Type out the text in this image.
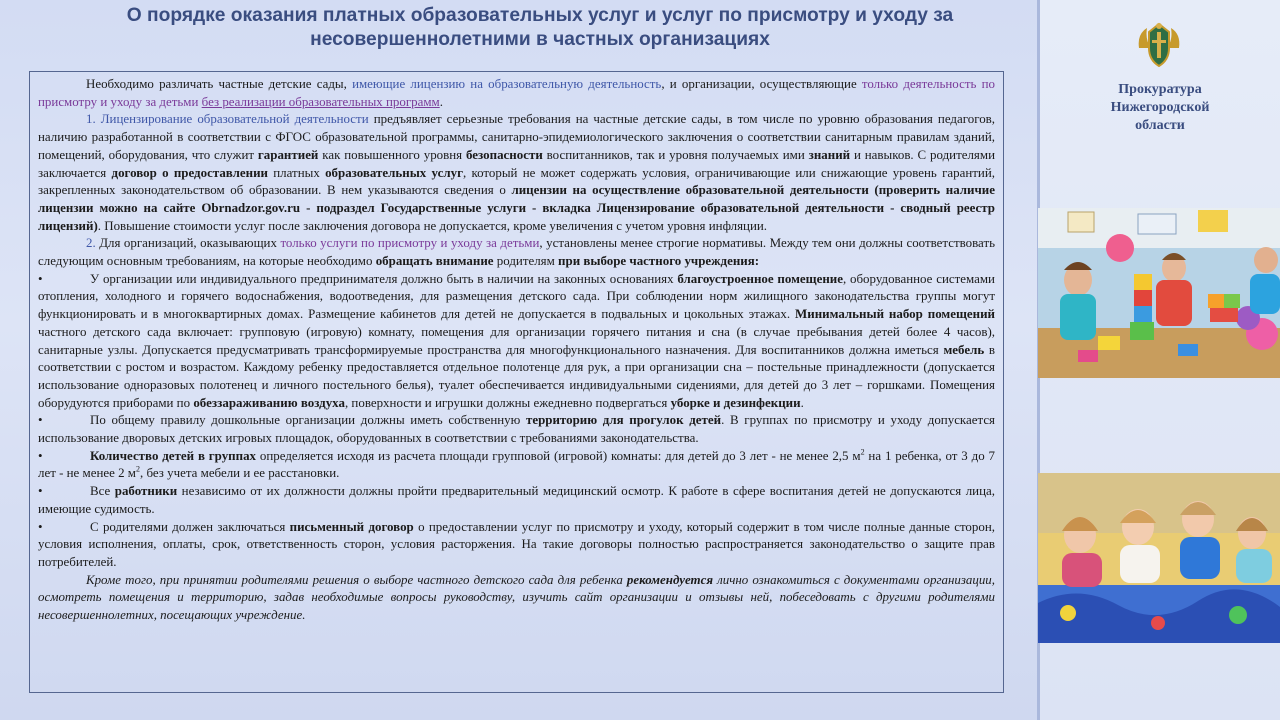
О порядке оказания платных образовательных услуг и услуг по присмотру и уходу за
несовершеннолетними в частных организациях

Необходимо различать частные детские сады, имеющие лицензию на образовательную деятельность, и организации, осуществляющие только деятельность по присмотру и уходу за детьми без реализации образовательных программ.

1. Лицензирование образовательной деятельности предъявляет серьезные требования на частные детские сады, в том числе по уровню образования педагогов, наличию разработанной в соответствии с ФГОС образовательной программы, санитарно-эпидемиологического заключения о соответствии санитарным правилам зданий, помещений, оборудования, что служит гарантией как повышенного уровня безопасности воспитанников, так и уровня получаемых ими знаний и навыков. С родителями заключается договор о предоставлении платных образовательных услуг, который не может содержать условия, ограничивающие или снижающие уровень гарантий, закрепленных законодательством об образовании. В нем указываются сведения о лицензии на осуществление образовательной деятельности (проверить наличие лицензии можно на сайте Obrnadzor.gov.ru - подраздел Государственные услуги - вкладка Лицензирование образовательной деятельности - сводный реестр лицензий). Повышение стоимости услуг после заключения договора не допускается, кроме увеличения с учетом уровня инфляции.

2. Для организаций, оказывающих только услуги по присмотру и уходу за детьми, установлены менее строгие нормативы. Между тем они должны соответствовать следующим основным требованиям, на которые необходимо обращать внимание родителям при выборе частного учреждения:

•	У организации или индивидуального предпринимателя должно быть в наличии на законных основаниях благоустроенное помещение, оборудованное системами отопления, холодного и горячего водоснабжения, водоотведения, для размещения детского сада. При соблюдении норм жилищного законодательства группы могут функционировать и в многоквартирных домах. Размещение кабинетов для детей не допускается в подвальных и цокольных этажах. Минимальный набор помещений частного детского сада включает: групповую (игровую) комнату, помещения для организации горячего питания и сна (в случае пребывания детей более 4 часов), санитарные узлы. Допускается предусматривать трансформируемые пространства для многофункционального назначения. Для воспитанников должна иметься мебель в соответствии с ростом и возрастом. Каждому ребенку предоставляется отдельное полотенце для рук, а при организации сна – постельные принадлежности (допускается использование одноразовых полотенец и личного постельного белья), туалет обеспечивается индивидуальными сидениями, для детей до 3 лет – горшками. Помещения оборудуются приборами по обеззараживанию воздуха, поверхности и игрушки должны ежедневно подвергаться уборке и дезинфекции.

•	По общему правилу дошкольные организации должны иметь собственную территорию для прогулок детей. В группах по присмотру и уходу допускается использование дворовых детских игровых площадок, оборудованных в соответствии с требованиями законодательства.

•	Количество детей в группах определяется исходя из расчета площади групповой (игровой) комнаты: для детей до 3 лет - не менее 2,5 $м^2$ на 1 ребенка, от 3 до 7 лет - не менее 2 $м^2$, без учета мебели и ее расстановки.

•	Все работники независимо от их должности должны пройти предварительный медицинский осмотр. К работе в сфере воспитания детей не допускаются лица, имеющие судимость.

•	С родителями должен заключаться письменный договор о предоставлении услуг по присмотру и уходу, который содержит в том числе полные данные сторон, условия исполнения, оплаты, срок, ответственность сторон, условия расторжения. На такие договоры полностью распространяется законодательство о защите прав потребителей.

Кроме того, при принятии родителями решения о выборе частного детского сада для ребенка рекомендуется лично ознакомиться с документами организации, осмотреть помещения и территорию, задав необходимые вопросы руководству, изучить сайт организации и отзывы ней, побеседовать с другими родителями несовершеннолетних, посещающих учреждение.

Прокуратура
Нижегородской
области
